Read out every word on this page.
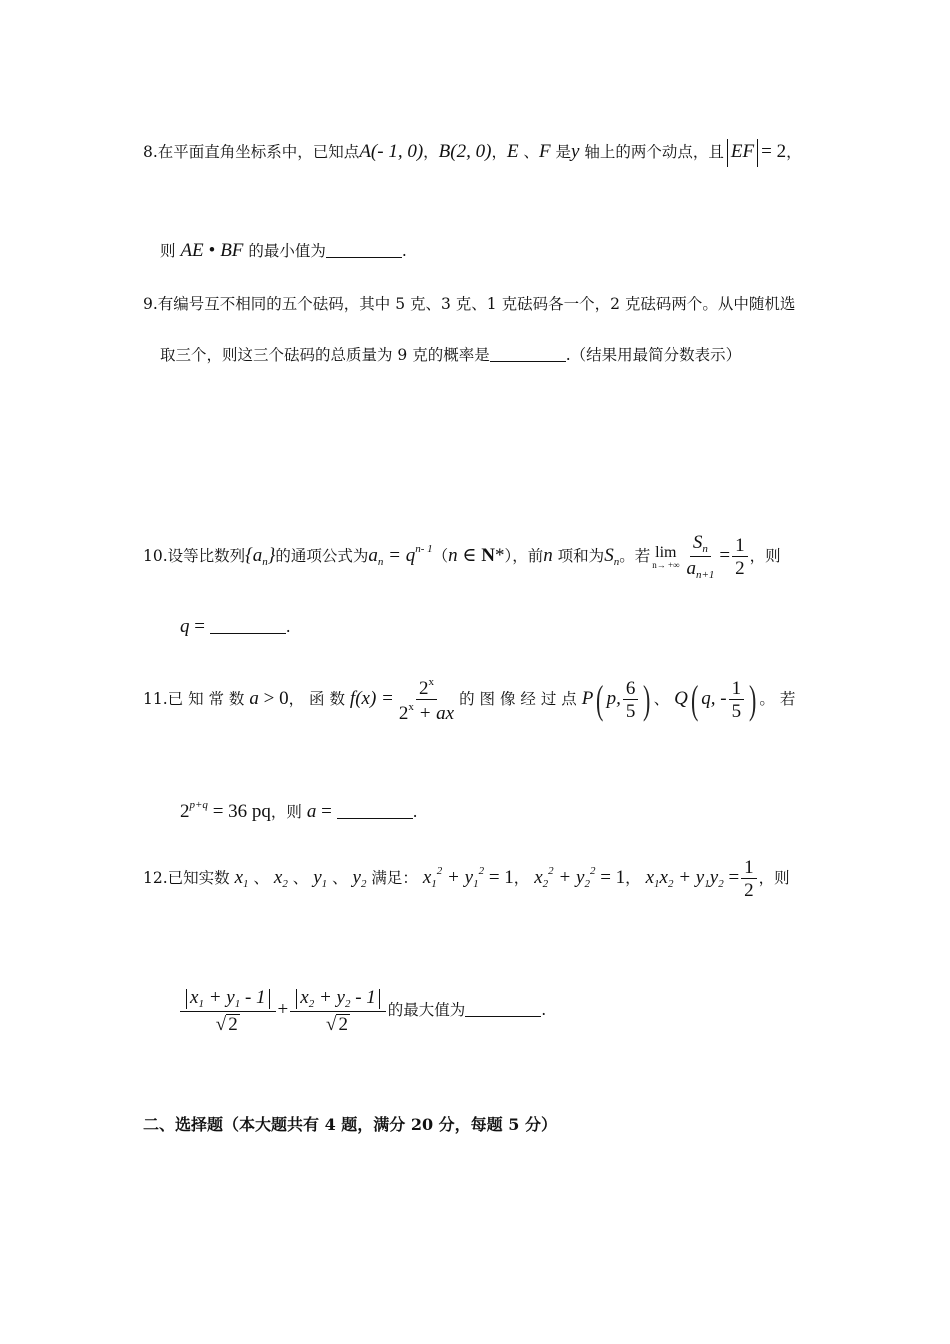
8.在平面直角坐标系中，已知点A(- 1, 0)，B(2, 0)，E 、F 是y 轴上的两个动点，且 EF = 2，
则 AE • BF 的最小值为	.
9.有编号互不相同的五个砝码，其中 5 克、3 克、1 克砝码各一个，2 克砝码两个。从中随机选
取三个，则这三个砝码的总质量为 9 克的概率是	.（结果用最简分数表示）
10.设等比数列$\{a_n\}$的通项公式为$a_n = q^{n- 1}(n$ ∈ N*），前n 项和为$S_n$。若 lim
n→ +∞ $\frac{S_n}{a_{n+1}} = \frac{1}{2}$ ，则
q =	.
11.已 知 常 数 a > 0， 函 数 $f(x) = \frac{2^x}{2^x + ax}$ 的 图 像 经 过 点 P( p, $\frac{6}{5}$ ) 、 Q( q, - $\frac{1}{5}$ ) 。 若
$2^{p+q} = 36$ pq，则 a =	.
12.已知实数 $x_1$ 、 $x_2$ 、 $y_1$ 、 $y_2$ 满足： $x_1^2 + y_1^2 = 1$， $x_2^2 + y_2^2 = 1$， $x_1x_2 + y_1y_2 = \frac{1}{2}$ ，则
$\frac{x_1 + y_1 - 1}{√ 2} + \frac{x_2 + y_2 - 1}{√ 2}$ 的最大值为	.
二、选择题（本大题共有 4 题，满分 20 分，每题 5 分）
